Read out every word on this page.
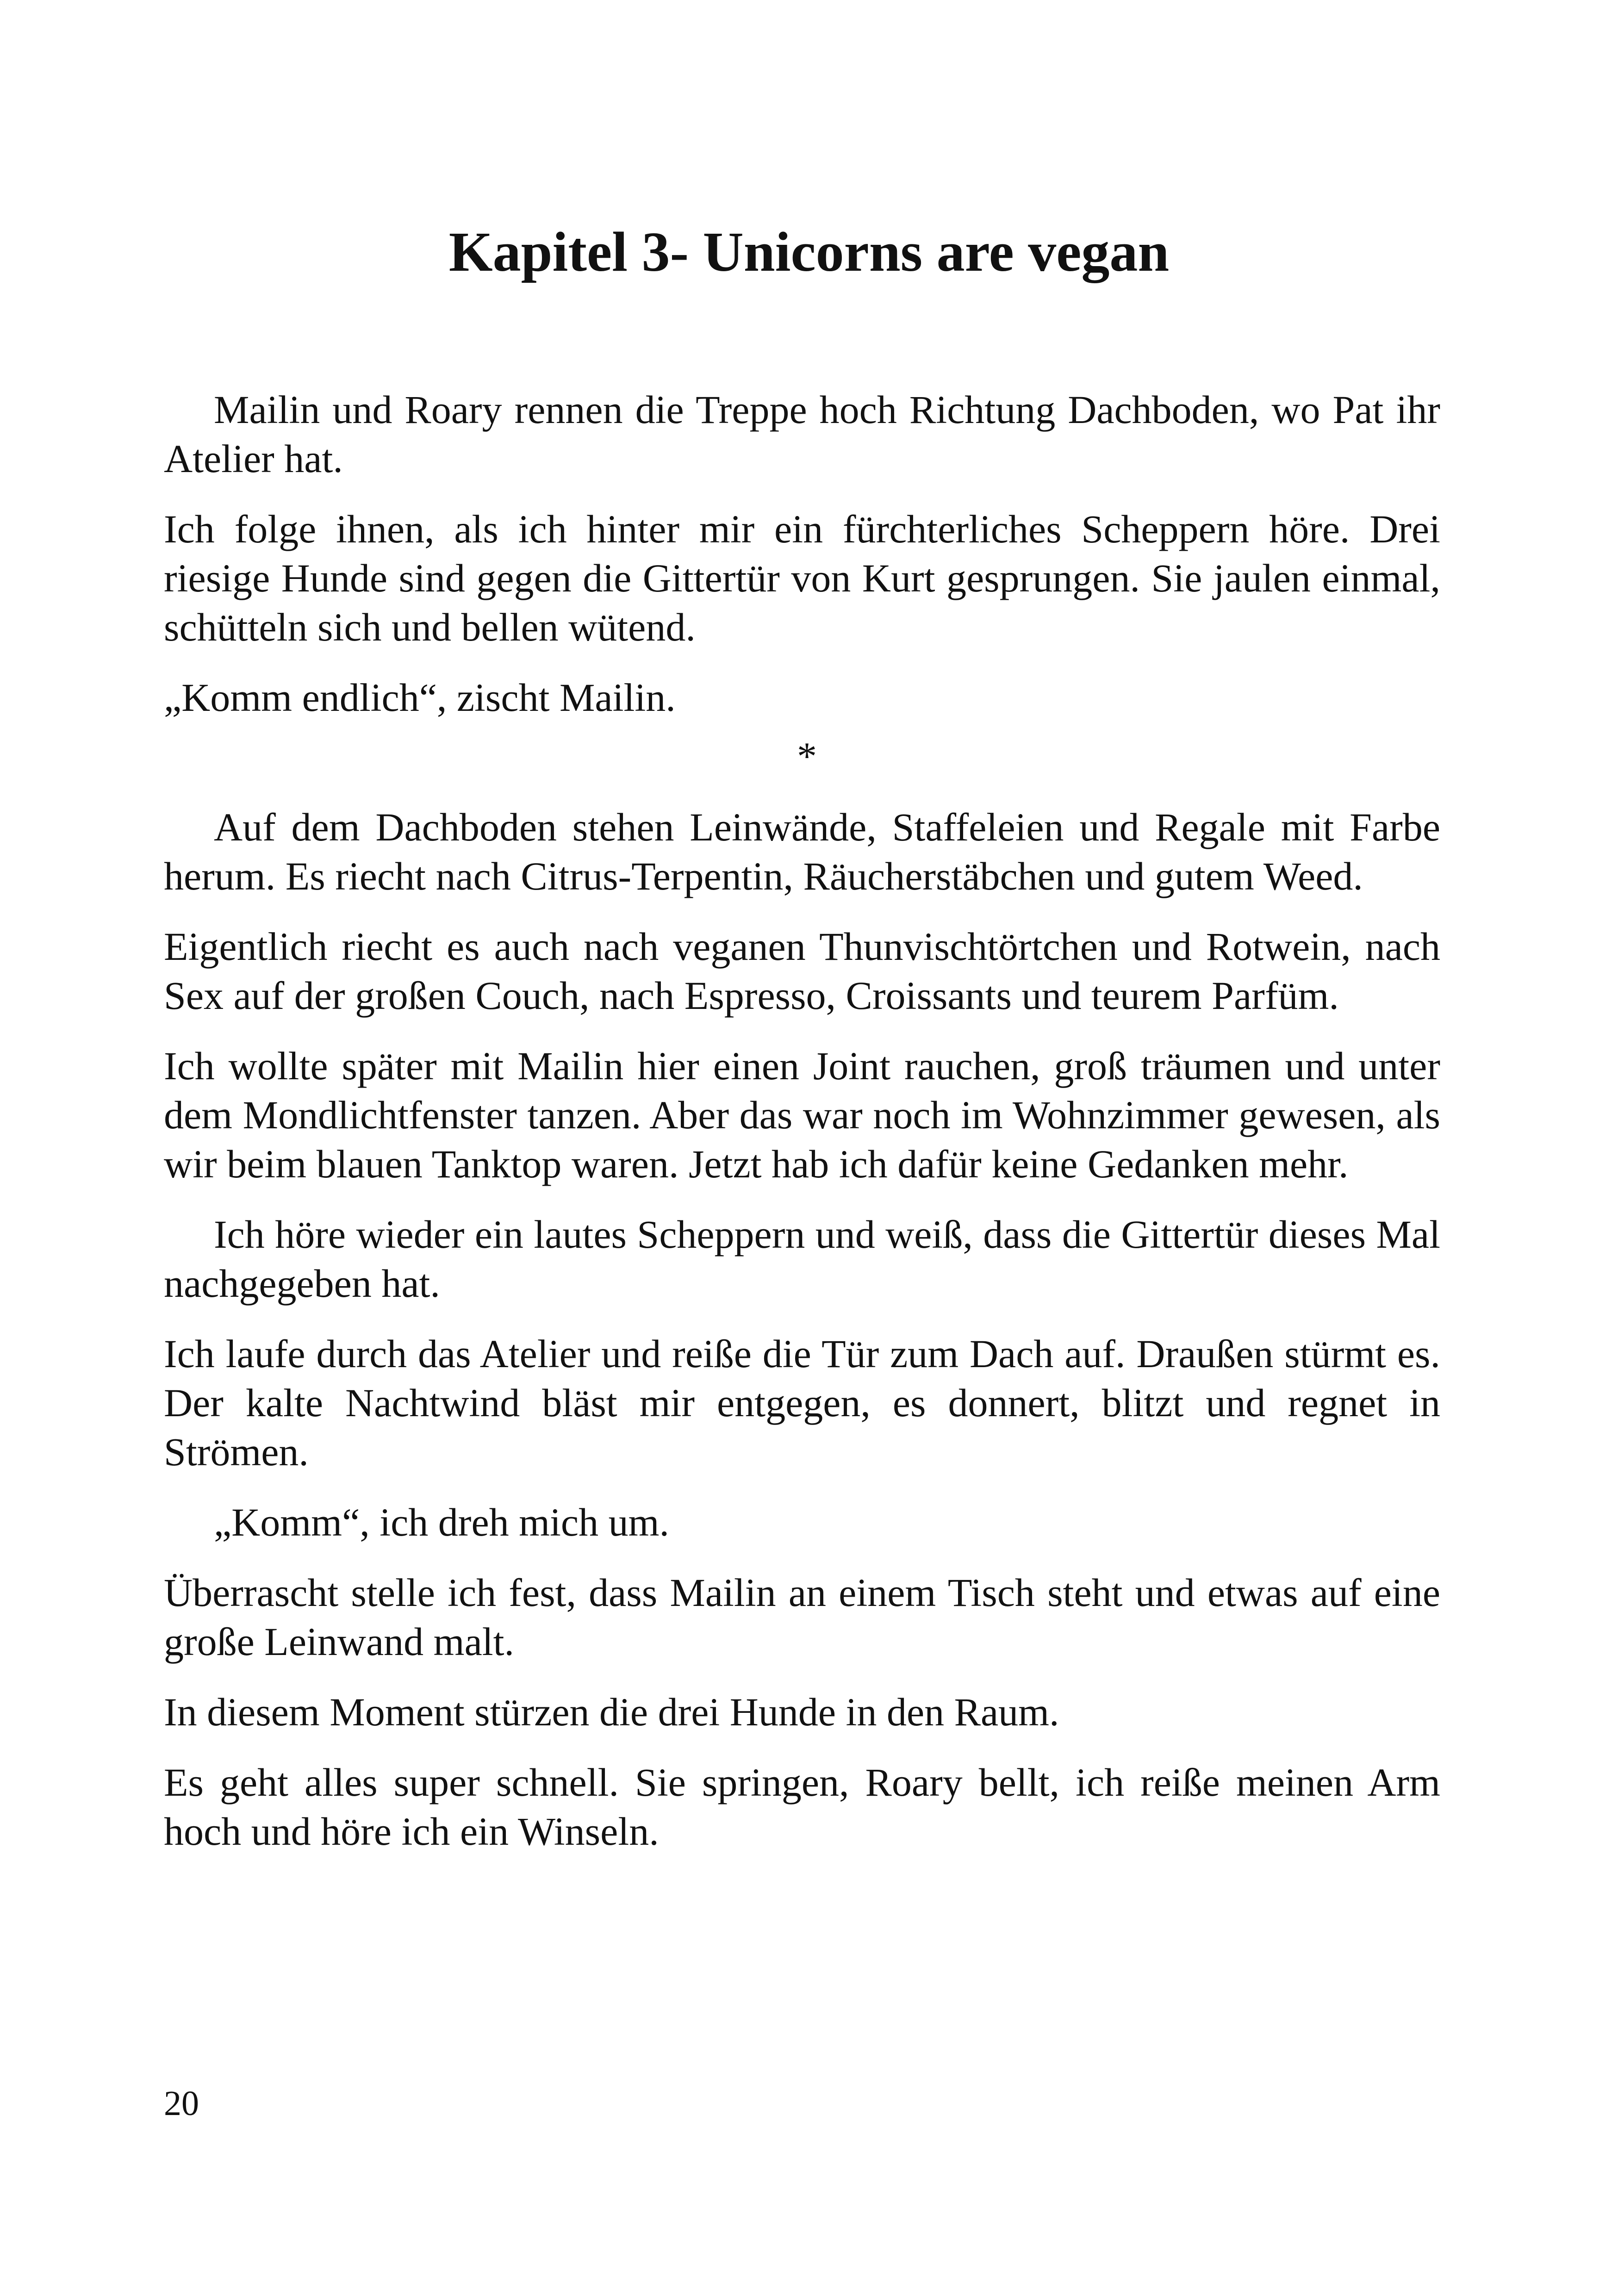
Kapitel 3- Unicorns are vegan

Mailin und Roary rennen die Treppe hoch Richtung Dachboden, wo Pat ihr Atelier hat.

Ich folge ihnen, als ich hinter mir ein fürchterliches Scheppern höre. Drei riesige Hunde sind gegen die Gittertür von Kurt gesprungen. Sie jaulen einmal, schütteln sich und bellen wütend.

„Komm endlich“, zischt Mailin.

*

Auf dem Dachboden stehen Leinwände, Staffeleien und Regale mit Farbe herum. Es riecht nach Citrus-Terpentin, Räucherstäbchen und gutem Weed.

Eigentlich riecht es auch nach veganen Thunvischtörtchen und Rotwein, nach Sex auf der großen Couch, nach Espresso, Croissants und teurem Parfüm.

Ich wollte später mit Mailin hier einen Joint rauchen, groß träumen und unter dem Mondlichtfenster tanzen. Aber das war noch im Wohnzimmer gewesen, als wir beim blauen Tanktop waren. Jetzt hab ich dafür keine Gedanken mehr.

Ich höre wieder ein lautes Scheppern und weiß, dass die Gittertür dieses Mal nachgegeben hat.

Ich laufe durch das Atelier und reiße die Tür zum Dach auf. Draußen stürmt es. Der kalte Nachtwind bläst mir entgegen, es donnert, blitzt und regnet in Strömen.

„Komm“, ich dreh mich um.

Überrascht stelle ich fest, dass Mailin an einem Tisch steht und etwas auf eine große Leinwand malt.

In diesem Moment stürzen die drei Hunde in den Raum.

Es geht alles super schnell. Sie springen, Roary bellt, ich reiße meinen Arm hoch und höre ich ein Winseln.

20
